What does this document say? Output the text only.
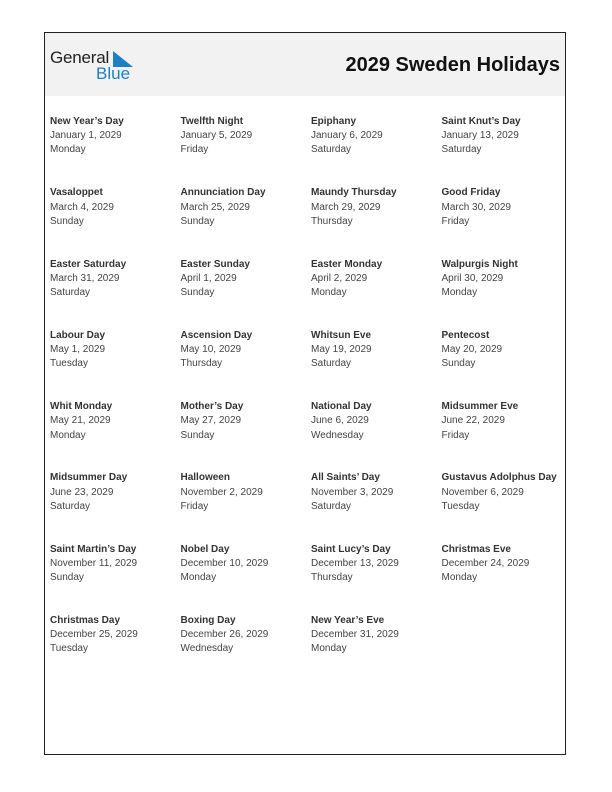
General
Blue	2029 Sweden Holidays
New Year’s Day
January 1, 2029
Monday
Twelfth Night
January 5, 2029
Friday
Epiphany
January 6, 2029
Saturday
Saint Knut’s Day
January 13, 2029
Saturday
Vasaloppet
March 4, 2029
Sunday
Annunciation Day
March 25, 2029
Sunday
Maundy Thursday
March 29, 2029
Thursday
Good Friday
March 30, 2029
Friday
Easter Saturday
March 31, 2029
Saturday
Easter Sunday
April 1, 2029
Sunday
Easter Monday
April 2, 2029
Monday
Walpurgis Night
April 30, 2029
Monday
Labour Day
May 1, 2029
Tuesday
Ascension Day
May 10, 2029
Thursday
Whitsun Eve
May 19, 2029
Saturday
Pentecost
May 20, 2029
Sunday
Whit Monday
May 21, 2029
Monday
Mother’s Day
May 27, 2029
Sunday
National Day
June 6, 2029
Wednesday
Midsummer Eve
June 22, 2029
Friday
Midsummer Day
June 23, 2029
Saturday
Halloween
November 2, 2029
Friday
All Saints’ Day
November 3, 2029
Saturday
Gustavus Adolphus Day
November 6, 2029
Tuesday
Saint Martin’s Day
November 11, 2029
Sunday
Nobel Day
December 10, 2029
Monday
Saint Lucy’s Day
December 13, 2029
Thursday
Christmas Eve
December 24, 2029
Monday
Christmas Day
December 25, 2029
Tuesday
Boxing Day
December 26, 2029
Wednesday
New Year’s Eve
December 31, 2029
Monday
